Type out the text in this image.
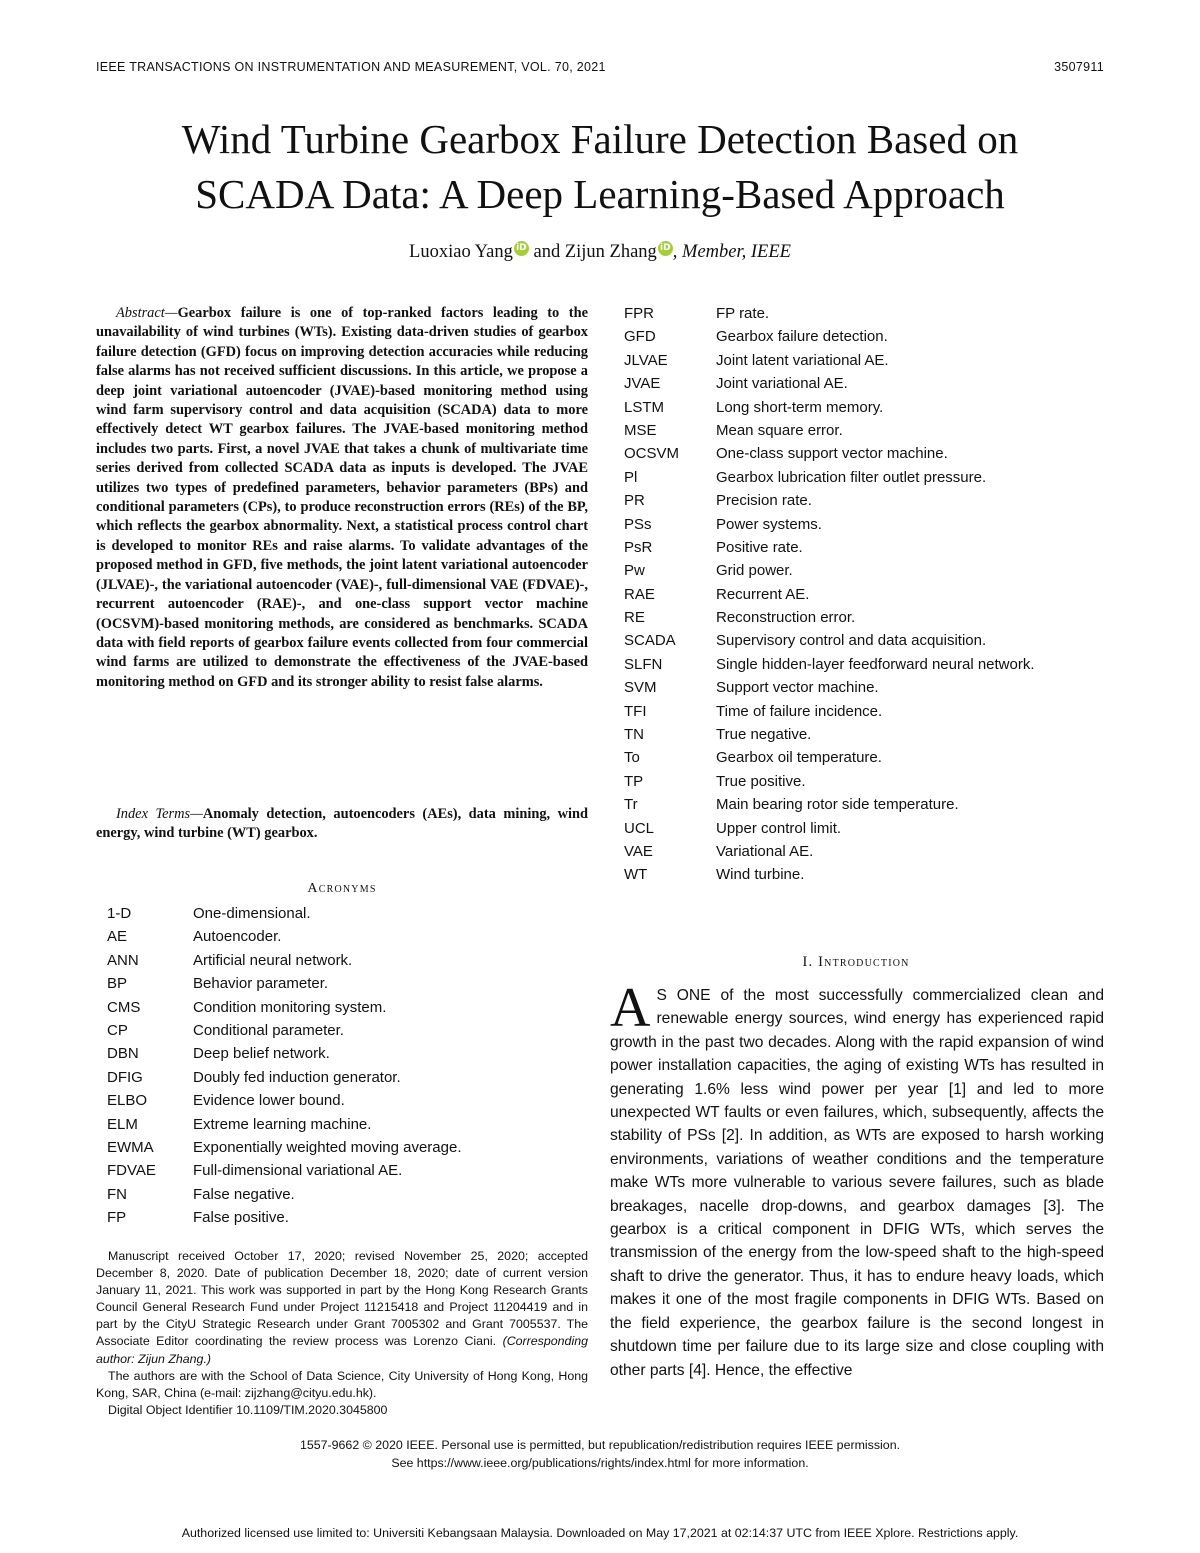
IEEE TRANSACTIONS ON INSTRUMENTATION AND MEASUREMENT, VOL. 70, 2021	3507911
Wind Turbine Gearbox Failure Detection Based on
SCADA Data: A Deep Learning-Based Approach
Luoxiao Yang iD and Zijun Zhang iD , Member, IEEE

Abstract—Gearbox failure is one of top-ranked factors leading to the unavailability of wind turbines (WTs). Existing data-driven studies of gearbox failure detection (GFD) focus on improving detection accuracies while reducing false alarms has not received sufficient discussions. In this article, we propose a deep joint variational autoencoder (JVAE)-based monitoring method using wind farm supervisory control and data acquisition (SCADA) data to more effectively detect WT gearbox failures. The JVAE-based monitoring method includes two parts. First, a novel JVAE that takes a chunk of multivariate time series derived from collected SCADA data as inputs is developed. The JVAE utilizes two types of predefined parameters, behavior parameters (BPs) and conditional parameters (CPs), to produce reconstruction errors (REs) of the BP, which reflects the gearbox abnormality. Next, a statistical process control chart is developed to monitor REs and raise alarms. To validate advantages of the proposed method in GFD, five methods, the joint latent variational autoencoder (JLVAE)-, the variational autoencoder (VAE)-, full-dimensional VAE (FDVAE)-, recurrent autoencoder (RAE)-, and one-class support vector machine (OCSVM)-based monitoring methods, are considered as benchmarks. SCADA data with field reports of gearbox failure events collected from four commercial wind farms are utilized to demonstrate the effectiveness of the JVAE-based monitoring method on GFD and its stronger ability to resist false alarms.

Index Terms—Anomaly detection, autoencoders (AEs), data mining, wind energy, wind turbine (WT) gearbox.

Acronyms
1-D	One-dimensional.
AE	Autoencoder.
ANN	Artificial neural network.
BP	Behavior parameter.
CMS	Condition monitoring system.
CP	Conditional parameter.
DBN	Deep belief network.
DFIG	Doubly fed induction generator.
ELBO	Evidence lower bound.
ELM	Extreme learning machine.
EWMA	Exponentially weighted moving average.
FDVAE Full-dimensional variational AE.
FN	False negative.
FP	False positive.
FPR	FP rate.
GFD	Gearbox failure detection.
JLVAE	Joint latent variational AE.
JVAE	Joint variational AE.
LSTM	Long short-term memory.
MSE	Mean square error.
OCSVM One-class support vector machine.
Pl	Gearbox lubrication filter outlet pressure.
PR	Precision rate.
PSs	Power systems.
PsR	Positive rate.
Pw	Grid power.
RAE	Recurrent AE.
RE	Reconstruction error.
SCADA	Supervisory control and data acquisition.
SLFN	Single hidden-layer feedforward neural network.
SVM	Support vector machine.
TFI	Time of failure incidence.
TN	True negative.
To	Gearbox oil temperature.
TP	True positive.
Tr	Main bearing rotor side temperature.
UCL	Upper control limit.
VAE	Variational AE.
WT	Wind turbine.

Manuscript received October 17, 2020; revised November 25, 2020; accepted December 8, 2020. Date of publication December 18, 2020; date of current version January 11, 2021. This work was supported in part by the Hong Kong Research Grants Council General Research Fund under Project 11215418 and Project 11204419 and in part by the CityU Strategic Research under Grant 7005302 and Grant 7005537. The Associate Editor coordinating the review process was Lorenzo Ciani. (Corresponding author: Zijun Zhang.)

The authors are with the School of Data Science, City University of Hong Kong, Hong Kong, SAR, China (e-mail: zijzhang@cityu.edu.hk).

Digital Object Identifier 10.1109/TIM.2020.3045800

I. Introduction

A S ONE of the most successfully commercialized clean and renewable energy sources, wind energy has experienced rapid growth in the past two decades. Along with the rapid expansion of wind power installation capacities, the aging of existing WTs has resulted in generating 1.6% less wind power per year [1] and led to more unexpected WT faults or even failures, which, subsequently, affects the stability of PSs [2]. In addition, as WTs are exposed to harsh working environments, variations of weather conditions and the temperature make WTs more vulnerable to various severe failures, such as blade breakages, nacelle drop-downs, and gearbox damages [3]. The gearbox is a critical component in DFIG WTs, which serves the transmission of the energy from the low-speed shaft to the high-speed shaft to drive the generator. Thus, it has to endure heavy loads, which makes it one of the most fragile components in DFIG WTs. Based on the field experience, the gearbox failure is the second longest in shutdown time per failure due to its large size and close coupling with other parts [4]. Hence, the effective

1557-9662 © 2020 IEEE. Personal use is permitted, but republication/redistribution requires IEEE permission.
See https://www.ieee.org/publications/rights/index.html for more information.
Authorized licensed use limited to: Universiti Kebangsaan Malaysia. Downloaded on May 17,2021 at 02:14:37 UTC from IEEE Xplore. Restrictions apply.
